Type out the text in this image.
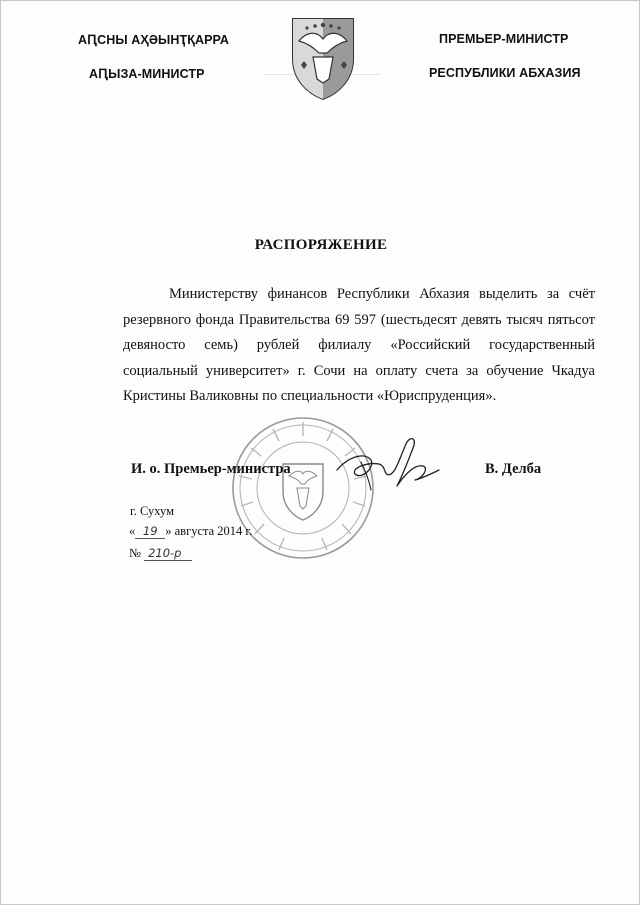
АԤСНЫ АҲӘЫНҬҚАРРА
АԤЫЗА-МИНИСТР
ПРЕМЬЕР-МИНИСТР
РЕСПУБЛИКИ АБХАЗИЯ
РАСПОРЯЖЕНИЕ

Министерству финансов Республики Абхазия выделить за счёт резервного фонда Правительства 69 597 (шестьдесят девять тысяч пятьсот девяносто семь) рублей филиалу «Российский государственный социальный университет» г. Сочи на оплату счета за обучение Чкадуа Кристины Валиковны по специальности «Юриспруденция».

И. о. Премьер-министра	В. Делба
г. Сухум
« 19 » августа 2014 г.
№ 210-р
